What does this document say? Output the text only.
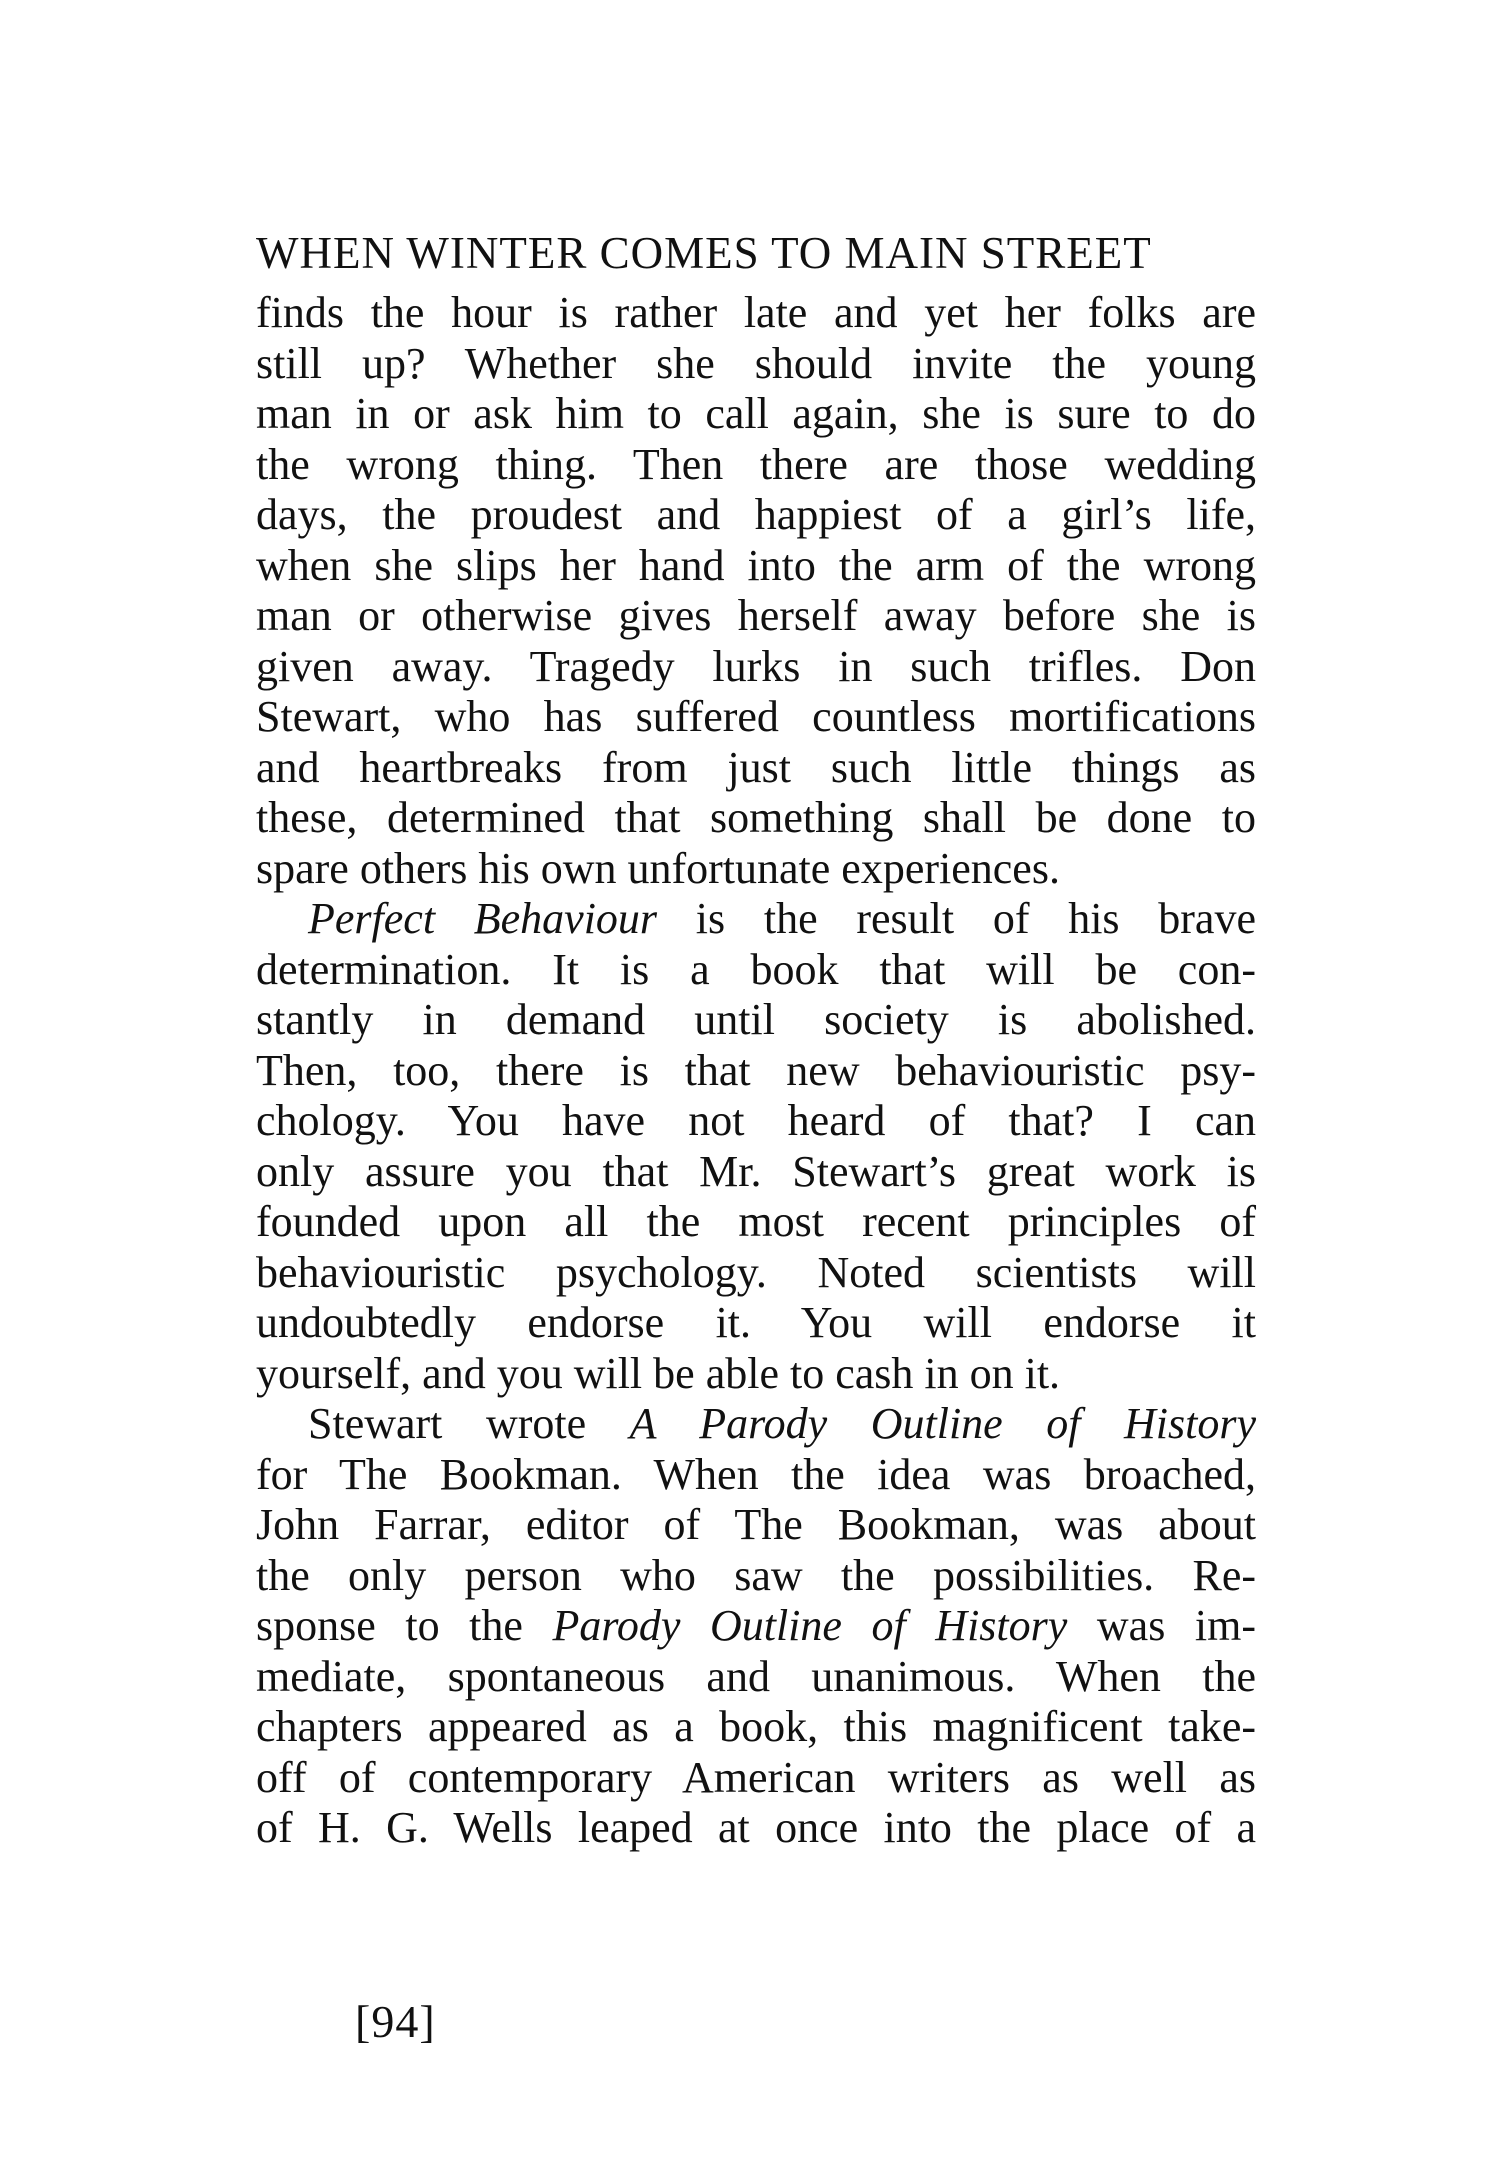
WHEN WINTER COMES TO MAIN STREET
finds the hour is rather late and yet her folks are
still up? Whether she should invite the young
man in or ask him to call again, she is sure to do
the wrong thing. Then there are those wedding
days, the proudest and happiest of a girl’s life,
when she slips her hand into the arm of the wrong
man or otherwise gives herself away before she is
given away. Tragedy lurks in such trifles. Don
Stewart, who has suffered countless mortifications
and heartbreaks from just such little things as
these, determined that something shall be done to
spare others his own unfortunate experiences.
Perfect Behaviour is the result of his brave
determination. It is a book that will be con-
stantly in demand until society is abolished.
Then, too, there is that new behaviouristic psy-
chology. You have not heard of that? I can
only assure you that Mr. Stewart’s great work is
founded upon all the most recent principles of
behaviouristic psychology. Noted scientists will
undoubtedly endorse it. You will endorse it
yourself, and you will be able to cash in on it.
Stewart wrote A Parody Outline of History
for The Bookman. When the idea was broached,
John Farrar, editor of The Bookman, was about
the only person who saw the possibilities. Re-
sponse to the Parody Outline of History was im-
mediate, spontaneous and unanimous. When the
chapters appeared as a book, this magnificent take-
off of contemporary American writers as well as
of H. G. Wells leaped at once into the place of a
[94]
